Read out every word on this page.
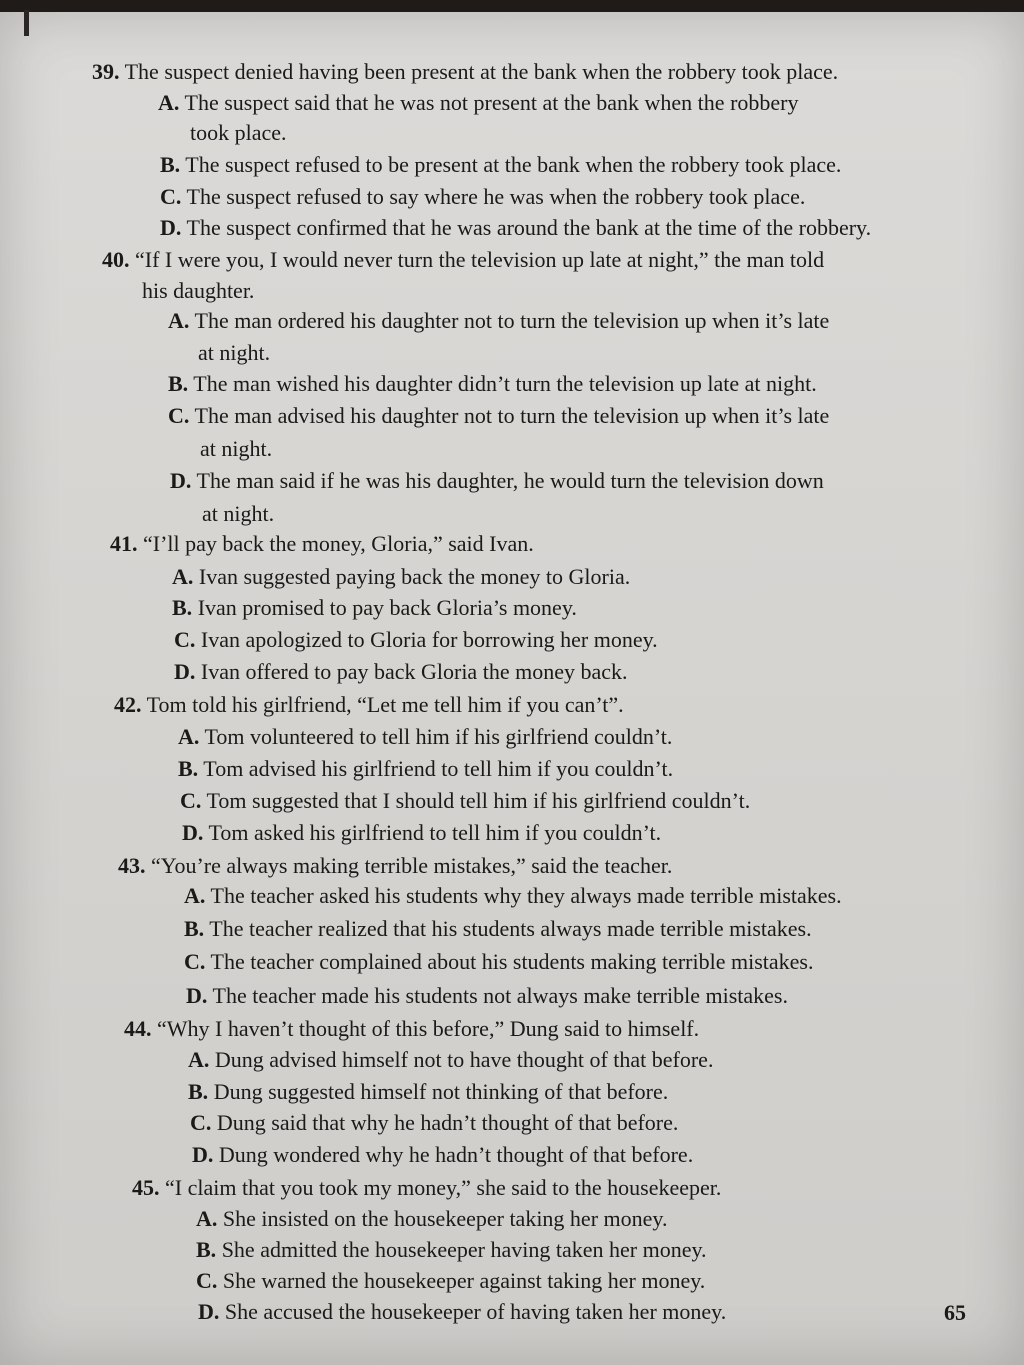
39. The suspect denied having been present at the bank when the robbery took place.
A. The suspect said that he was not present at the bank when the robbery
took place.
B. The suspect refused to be present at the bank when the robbery took place.
C. The suspect refused to say where he was when the robbery took place.
D. The suspect confirmed that he was around the bank at the time of the robbery.
40. “If I were you, I would never turn the television up late at night,” the man told
his daughter.
A. The man ordered his daughter not to turn the television up when it’s late
at night.
B. The man wished his daughter didn’t turn the television up late at night.
C. The man advised his daughter not to turn the television up when it’s late
at night.
D. The man said if he was his daughter, he would turn the television down
at night.
41. “I’ll pay back the money, Gloria,” said Ivan.
A. Ivan suggested paying back the money to Gloria.
B. Ivan promised to pay back Gloria’s money.
C. Ivan apologized to Gloria for borrowing her money.
D. Ivan offered to pay back Gloria the money back.
42. Tom told his girlfriend, “Let me tell him if you can’t”.
A. Tom volunteered to tell him if his girlfriend couldn’t.
B. Tom advised his girlfriend to tell him if you couldn’t.
C. Tom suggested that I should tell him if his girlfriend couldn’t.
D. Tom asked his girlfriend to tell him if you couldn’t.
43. “You’re always making terrible mistakes,” said the teacher.
A. The teacher asked his students why they always made terrible mistakes.
B. The teacher realized that his students always made terrible mistakes.
C. The teacher complained about his students making terrible mistakes.
D. The teacher made his students not always make terrible mistakes.
44. “Why I haven’t thought of this before,” Dung said to himself.
A. Dung advised himself not to have thought of that before.
B. Dung suggested himself not thinking of that before.
C. Dung said that why he hadn’t thought of that before.
D. Dung wondered why he hadn’t thought of that before.
45. “I claim that you took my money,” she said to the housekeeper.
A. She insisted on the housekeeper taking her money.
B. She admitted the housekeeper having taken her money.
C. She warned the housekeeper against taking her money.
D. She accused the housekeeper of having taken her money.	65
